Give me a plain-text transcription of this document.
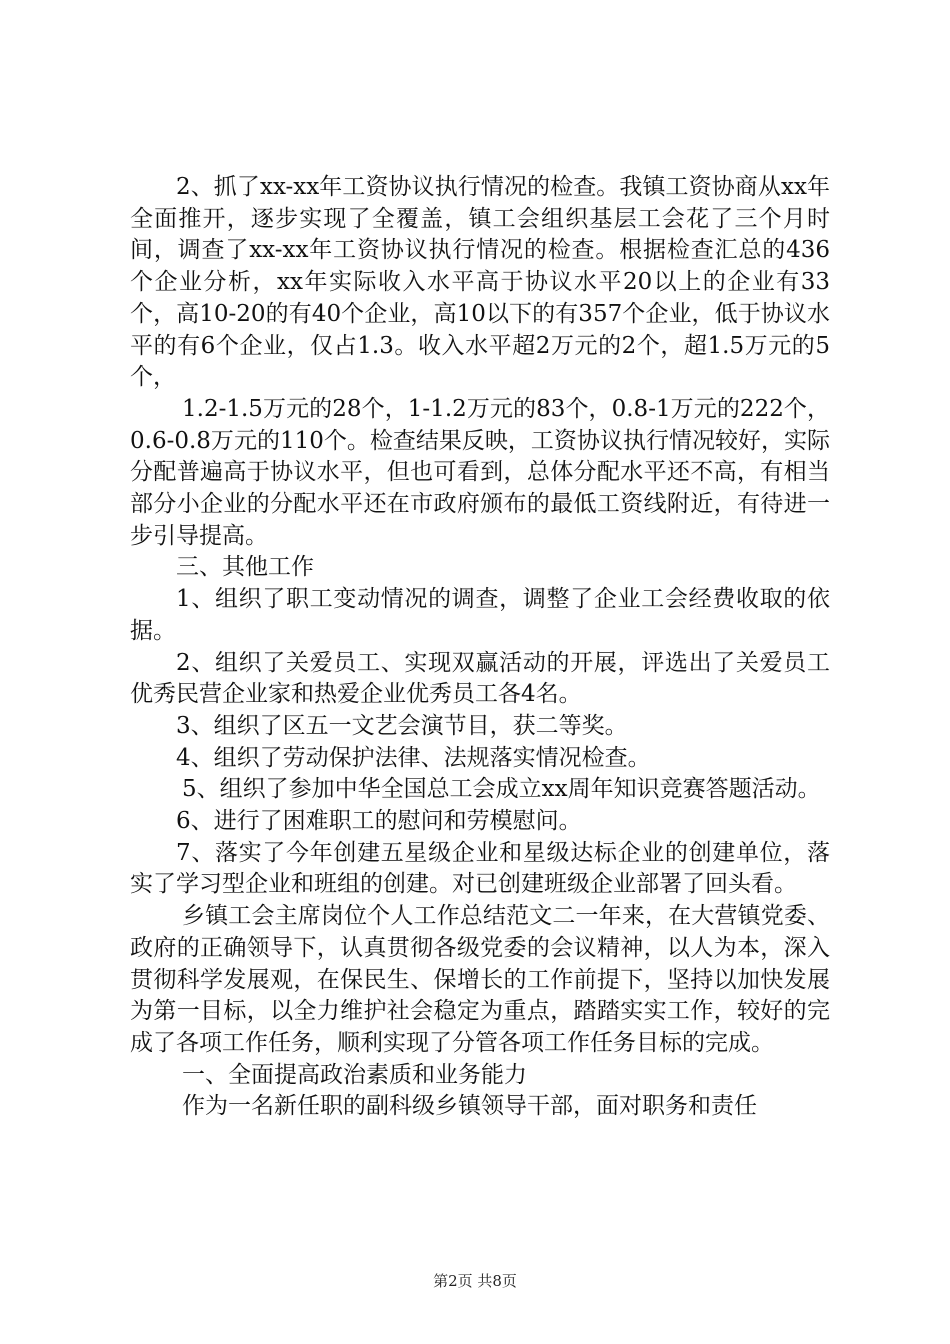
2、抓了xx-xx年工资协议执行情况的检查。我镇工资协商从xx年全面推开，逐步实现了全覆盖，镇工会组织基层工会花了三个月时间，调查了xx-xx年工资协议执行情况的检查。根据检查汇总的436个企业分析，xx年实际收入水平高于协议水平20以上的企业有33个，高10-20的有40个企业，高10以下的有357个企业，低于协议水平的有6个企业，仅占1.3。收入水平超2万元的2个，超1.5万元的5个，

1.2-1.5万元的28个，1-1.2万元的83个，0.8-1万元的222个，0.6-0.8万元的110个。检查结果反映，工资协议执行情况较好，实际分配普遍高于协议水平，但也可看到，总体分配水平还不高，有相当部分小企业的分配水平还在市政府颁布的最低工资线附近，有待进一步引导提高。

三、其他工作

1、组织了职工变动情况的调查，调整了企业工会经费收取的依据。

2、组织了关爱员工、实现双赢活动的开展，评选出了关爱员工优秀民营企业家和热爱企业优秀员工各4名。

3、组织了区五一文艺会演节目，获二等奖。

4、组织了劳动保护法律、法规落实情况检查。

5、组织了参加中华全国总工会成立xx周年知识竞赛答题活动。

6、进行了困难职工的慰问和劳模慰问。

7、落实了今年创建五星级企业和星级达标企业的创建单位，落实了学习型企业和班组的创建。对已创建班级企业部署了回头看。

乡镇工会主席岗位个人工作总结范文二一年来，在大营镇党委、政府的正确领导下，认真贯彻各级党委的会议精神，以人为本，深入贯彻科学发展观，在保民生、保增长的工作前提下，坚持以加快发展为第一目标，以全力维护社会稳定为重点，踏踏实实工作，较好的完成了各项工作任务，顺利实现了分管各项工作任务目标的完成。

一、全面提高政治素质和业务能力

作为一名新任职的副科级乡镇领导干部，面对职务和责任

第2页 共8页
